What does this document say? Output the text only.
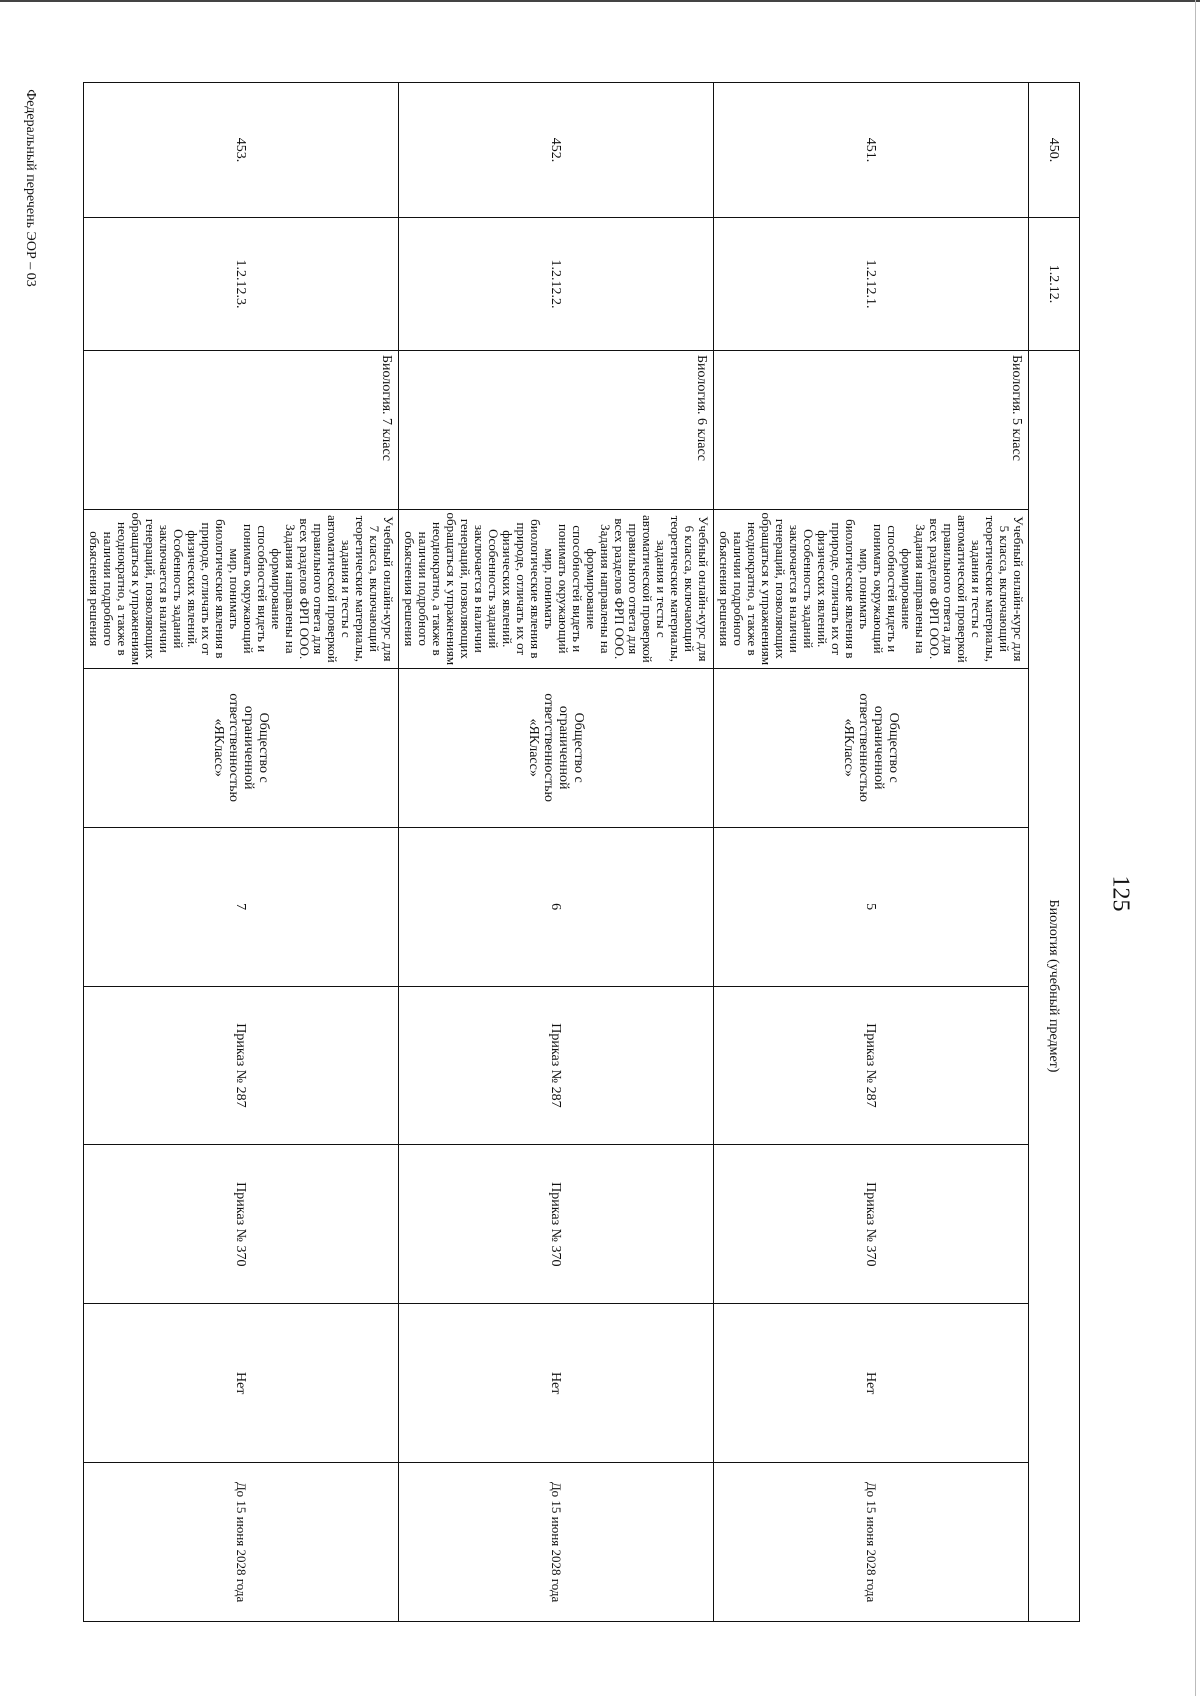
125
Федеральный перечень ЭОР – 03	450.	1.2.12.	Биология (учебный предмет)							
451.	1.2.12.1.	Биология. 5 класс	Учебный онлайн-курс для 5 класса, включающий теоретические материалы, задания и тесты с автоматической проверкой правильного ответа для всех разделов ФРП ООО. Задания направлены на формирование способностей видеть и понимать окружающий мир, понимать биологические явления в природе, отличать их от физических явлений. Особенность заданий заключается в наличии генераций, позволяющих обращаться к упражнениям неоднократно, а также в наличии подробного объяснения решения	Общество с ограниченной ответственностью «ЯКласс»	5	Приказ № 287	Приказ № 370	Нет	До 15 июня 2028 года
452.	1.2.12.2.	Биология. 6 класс	Учебный онлайн-курс для 6 класса, включающий теоретические материалы, задания и тесты с автоматической проверкой правильного ответа для всех разделов ФРП ООО. Задания направлены на формирование способностей видеть и понимать окружающий мир, понимать биологические явления в природе, отличать их от физических явлений. Особенность заданий заключается в наличии генераций, позволяющих обращаться к упражнениям неоднократно, а также в наличии подробного объяснения решения	Общество с ограниченной ответственностью «ЯКласс»	6	Приказ № 287	Приказ № 370	Нет	До 15 июня 2028 года
453.	1.2.12.3.	Биология. 7 класс	Учебный онлайн-курс для 7 класса, включающий теоретические материалы, задания и тесты с автоматической проверкой правильного ответа для всех разделов ФРП ООО. Задания направлены на формирование способностей видеть и понимать окружающий мир, понимать биологические явления в природе, отличать их от физических явлений. Особенность заданий заключается в наличии генераций, позволяющих обращаться к упражнениям неоднократно, а также в наличии подробного объяснения решения	Общество с ограниченной ответственностью «ЯКласс»	7	Приказ № 287	Приказ № 370	Нет	До 15 июня 2028 года
